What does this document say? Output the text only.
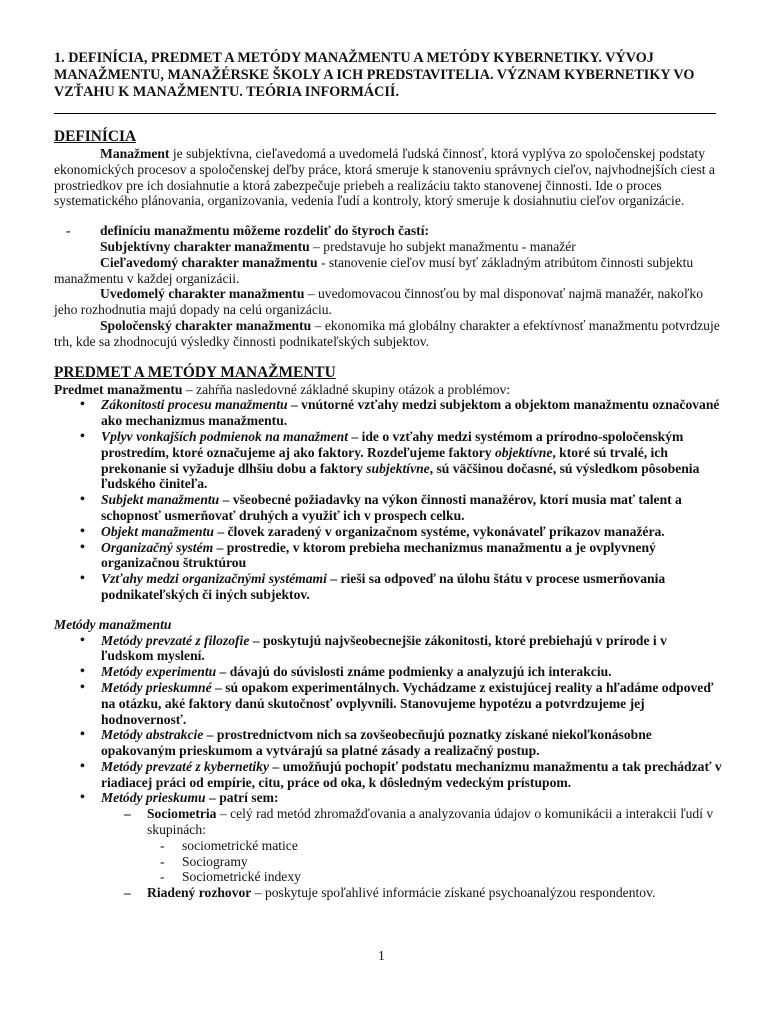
1. DEFINÍCIA, PREDMET A METÓDY MANAŽMENTU A METÓDY KYBERNETIKY. VÝVOJ MANAŽMENTU, MANAŽÉRSKE ŠKOLY A ICH PREDSTAVITELIA. VÝZNAM KYBERNETIKY VO VZŤAHU K MANAŽMENTU. TEÓRIA INFORMÁCIÍ.
DEFINÍCIA

Manažment je subjektívna, cieľavedomá a uvedomelá ľudská činnosť, ktorá vyplýva zo spoločenskej podstaty ekonomických procesov a spoločenskej deľby práce, ktorá smeruje k stanoveniu správnych cieľov, najvhodnejších ciest a prostriedkov pre ich dosiahnutie a ktorá zabezpečuje priebeh a realizáciu takto stanovenej činnosti. Ide o proces systematického plánovania, organizovania, vedenia ľudí a kontroly, ktorý smeruje k dosiahnutiu cieľov organizácie.

- definíciu manažmentu môžeme rozdeliť do štyroch častí:

Subjektívny charakter manažmentu – predstavuje ho subjekt manažmentu - manažér

Cieľavedomý charakter manažmentu - stanovenie cieľov musí byť základným atribútom činnosti subjektu manažmentu v každej organizácii.

Uvedomelý charakter manažmentu – uvedomovacou činnosťou by mal disponovať najmä manažér, nakoľko jeho rozhodnutia majú dopady na celú organizáciu.

Spoločenský charakter manažmentu – ekonomika má globálny charakter a efektívnosť manažmentu potvrdzuje trh, kde sa zhodnocujú výsledky činnosti podnikateľských subjektov.

PREDMET A METÓDY MANAŽMENTU

Predmet manažmentu – zahŕňa nasledovné základné skupiny otázok a problémov:

• Zákonitosti procesu manažmentu – vnútorné vzťahy medzi subjektom a objektom manažmentu označované ako mechanizmus manažmentu.
• Vplyv vonkajších podmienok na manažment – ide o vzťahy medzi systémom a prírodno-spoločenským prostredím, ktoré označujeme aj ako faktory. Rozdeľujeme faktory objektívne, ktoré sú trvalé, ich prekonanie si vyžaduje dlhšiu dobu a faktory subjektívne, sú väčšinou dočasné, sú výsledkom pôsobenia ľudského činiteľa.
• Subjekt manažmentu – všeobecné požiadavky na výkon činnosti manažérov, ktorí musia mať talent a schopnosť usmerňovať druhých a využiť ich v prospech celku.
• Objekt manažmentu – človek zaradený v organizačnom systéme, vykonávateľ príkazov manažéra.
• Organizačný systém – prostredie, v ktorom prebieha mechanizmus manažmentu a je ovplyvnený organizačnou štruktúrou
• Vzťahy medzi organizačnými systémami – rieši sa odpoveď na úlohu štátu v procese usmerňovania podnikateľských či iných subjektov.
Metódy manažmentu
• Metódy prevzaté z filozofie – poskytujú najvšeobecnejšie zákonitosti, ktoré prebiehajú v prírode i v ľudskom myslení.
• Metódy experimentu – dávajú do súvislosti známe podmienky a analyzujú ich interakciu.
• Metódy prieskumné – sú opakom experimentálnych. Vychádzame z existujúcej reality a hľadáme odpoveď na otázku, aké faktory danú skutočnosť ovplyvnili. Stanovujeme hypotézu a potvrdzujeme jej hodnovernosť.
• Metódy abstrakcie – prostredníctvom nich sa zovšeobecňujú poznatky získané niekoľkonásobne opakovaným prieskumom a vytvárajú sa platné zásady a realizačný postup.
• Metódy prevzaté z kybernetiky – umožňujú pochopiť podstatu mechanizmu manažmentu a tak prechádzať v riadiacej práci od empírie, citu, práce od oka, k dôsledným vedeckým prístupom.
• Metódy prieskumu – patrí sem:
– Sociometria – celý rad metód zhromažďovania a analyzovania údajov o komunikácii a interakcii ľudí v skupinách:
- sociometrické matice
- Sociogramy
- Sociometrické indexy
– Riadený rozhovor – poskytuje spoľahlivé informácie získané psychoanalýzou respondentov.
1
